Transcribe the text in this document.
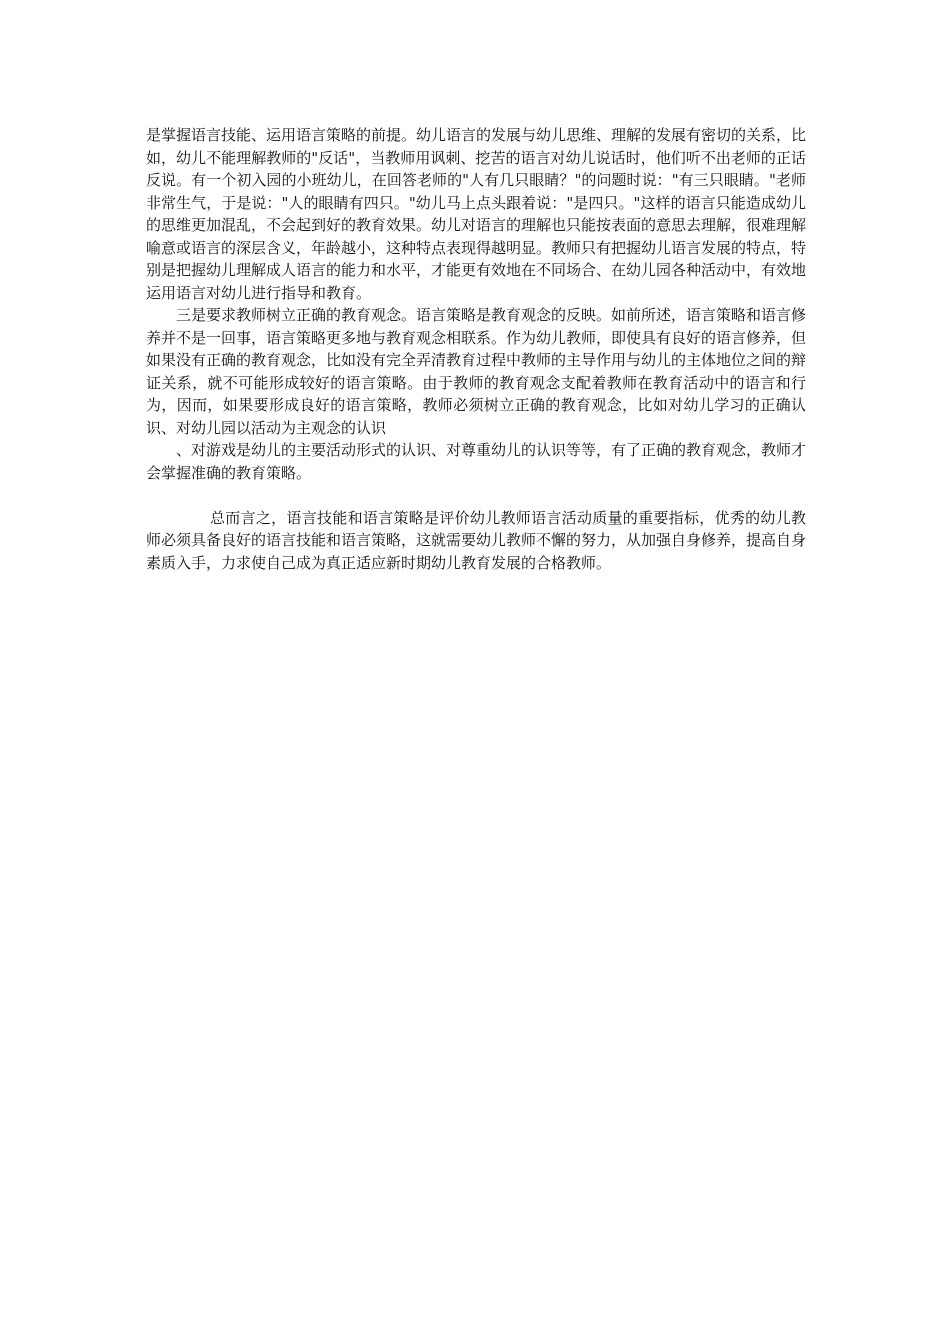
是掌握语言技能、运用语言策略的前提。幼儿语言的发展与幼儿思维、理解的发展有密切的关系，比如，幼儿不能理解教师的"反话"，当教师用讽刺、挖苦的语言对幼儿说话时，他们听不出老师的正话反说。有一个初入园的小班幼儿，在回答老师的"人有几只眼睛？"的问题时说："有三只眼睛。"老师非常生气，于是说："人的眼睛有四只。"幼儿马上点头跟着说："是四只。"这样的语言只能造成幼儿的思维更加混乱，不会起到好的教育效果。幼儿对语言的理解也只能按表面的意思去理解，很难理解喻意或语言的深层含义，年龄越小，这种特点表现得越明显。教师只有把握幼儿语言发展的特点，特别是把握幼儿理解成人语言的能力和水平，才能更有效地在不同场合、在幼儿园各种活动中，有效地运用语言对幼儿进行指导和教育。

三是要求教师树立正确的教育观念。语言策略是教育观念的反映。如前所述，语言策略和语言修养并不是一回事，语言策略更多地与教育观念相联系。作为幼儿教师，即使具有良好的语言修养，但如果没有正确的教育观念，比如没有完全弄清教育过程中教师的主导作用与幼儿的主体地位之间的辩证关系，就不可能形成较好的语言策略。由于教师的教育观念支配着教师在教育活动中的语言和行为，因而，如果要形成良好的语言策略，教师必须树立正确的教育观念，比如对幼儿学习的正确认识、对幼儿园以活动为主观念的认识

、对游戏是幼儿的主要活动形式的认识、对尊重幼儿的认识等等，有了正确的教育观念，教师才会掌握准确的教育策略。

总而言之，语言技能和语言策略是评价幼儿教师语言活动质量的重要指标，优秀的幼儿教师必须具备良好的语言技能和语言策略，这就需要幼儿教师不懈的努力，从加强自身修养，提高自身素质入手，力求使自己成为真正适应新时期幼儿教育发展的合格教师。
